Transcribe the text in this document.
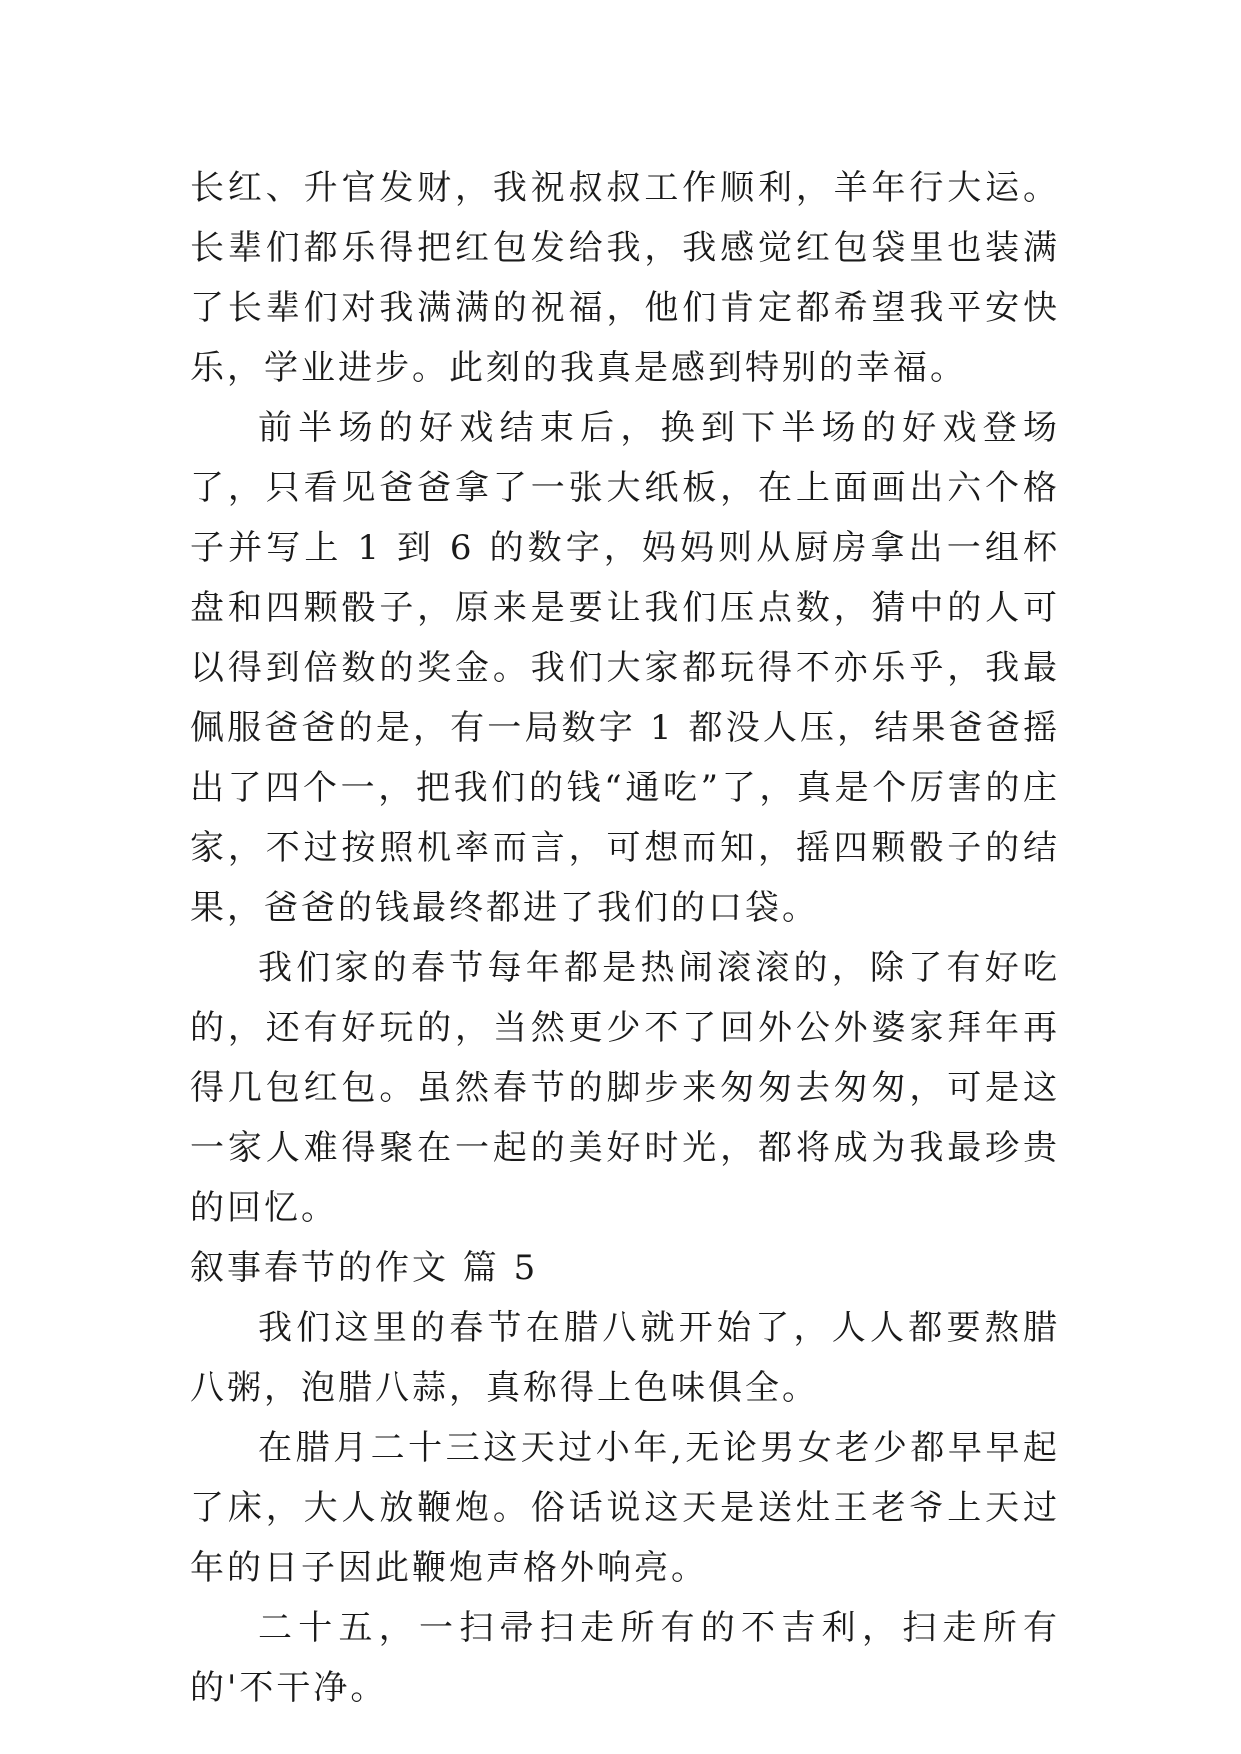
长红、升官发财，我祝叔叔工作顺利，羊年行大运。长辈们都乐得把红包发给我，我感觉红包袋里也装满了长辈们对我满满的祝福，他们肯定都希望我平安快乐，学业进步。此刻的我真是感到特别的幸福。

前半场的好戏结束后，换到下半场的好戏登场了，只看见爸爸拿了一张大纸板，在上面画出六个格子并写上 1 到 6 的数字，妈妈则从厨房拿出一组杯盘和四颗骰子，原来是要让我们压点数，猜中的人可以得到倍数的奖金。我们大家都玩得不亦乐乎，我最佩服爸爸的是，有一局数字 1 都没人压，结果爸爸摇出了四个一，把我们的钱“通吃”了，真是个厉害的庄家，不过按照机率而言，可想而知，摇四颗骰子的结果，爸爸的钱最终都进了我们的口袋。

我们家的春节每年都是热闹滚滚的，除了有好吃的，还有好玩的，当然更少不了回外公外婆家拜年再得几包红包。虽然春节的脚步来匆匆去匆匆，可是这一家人难得聚在一起的美好时光，都将成为我最珍贵的回忆。

叙事春节的作文 篇 5

我们这里的春节在腊八就开始了，人人都要熬腊八粥，泡腊八蒜，真称得上色味俱全。

在腊月二十三这天过小年,无论男女老少都早早起了床，大人放鞭炮。俗话说这天是送灶王老爷上天过年的日子因此鞭炮声格外响亮。

二十五，一扫帚扫走所有的不吉利，扫走所有的'不干净。
